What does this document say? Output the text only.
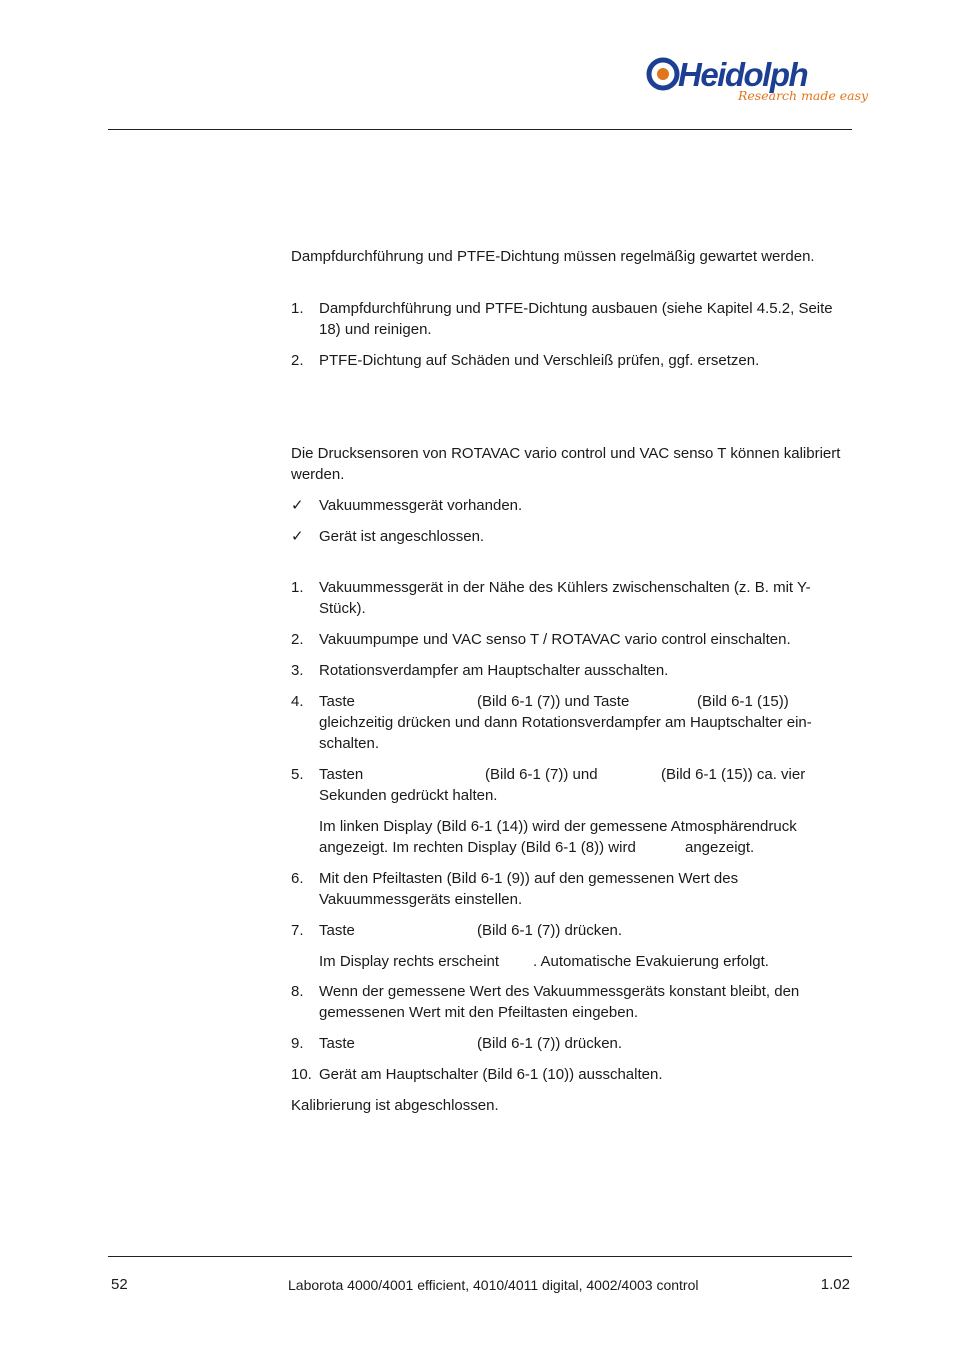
Heidolph
Research made easy
Dampfdurchführung und PTFE-Dichtung müssen regelmäßig gewartet werden.
1. Dampfdurchführung und PTFE-Dichtung ausbauen (siehe Kapitel 4.5.2, Seite 18) und reinigen.
2. PTFE-Dichtung auf Schäden und Verschleiß prüfen, ggf. ersetzen.
Die Drucksensoren von ROTAVAC vario control und VAC senso T können kalibriert werden.
✓ Vakuummessgerät vorhanden.
✓ Gerät ist angeschlossen.
1. Vakuummessgerät in der Nähe des Kühlers zwischenschalten (z. B. mit Y-Stück).
2. Vakuumpumpe und VAC senso T / ROTAVAC vario control einschalten.
3. Rotationsverdampfer am Hauptschalter ausschalten.
4. Taste	(Bild 6-1 (7)) und Taste	(Bild 6-1 (15))
gleichzeitig drücken und dann Rotationsverdampfer am Hauptschalter ein-
schalten.
5. Tasten	(Bild 6-1 (7)) und	(Bild 6-1 (15)) ca. vier
Sekunden gedrückt halten.
Im linken Display (Bild 6-1 (14)) wird der gemessene Atmosphärendruck
angezeigt. Im rechten Display (Bild 6-1 (8)) wird	angezeigt.
6. Mit den Pfeiltasten (Bild 6-1 (9)) auf den gemessenen Wert des Vakuummessgeräts einstellen.
7. Taste	(Bild 6-1 (7)) drücken.
Im Display rechts erscheint . Automatische Evakuierung erfolgt.
8. Wenn der gemessene Wert des Vakuummessgeräts konstant bleibt, den gemessenen Wert mit den Pfeiltasten eingeben.
9. Taste	(Bild 6-1 (7)) drücken.
10. Gerät am Hauptschalter (Bild 6-1 (10)) ausschalten.
Kalibrierung ist abgeschlossen.
52	Laborota 4000/4001 efficient, 4010/4011 digital, 4002/4003 control	1.02
